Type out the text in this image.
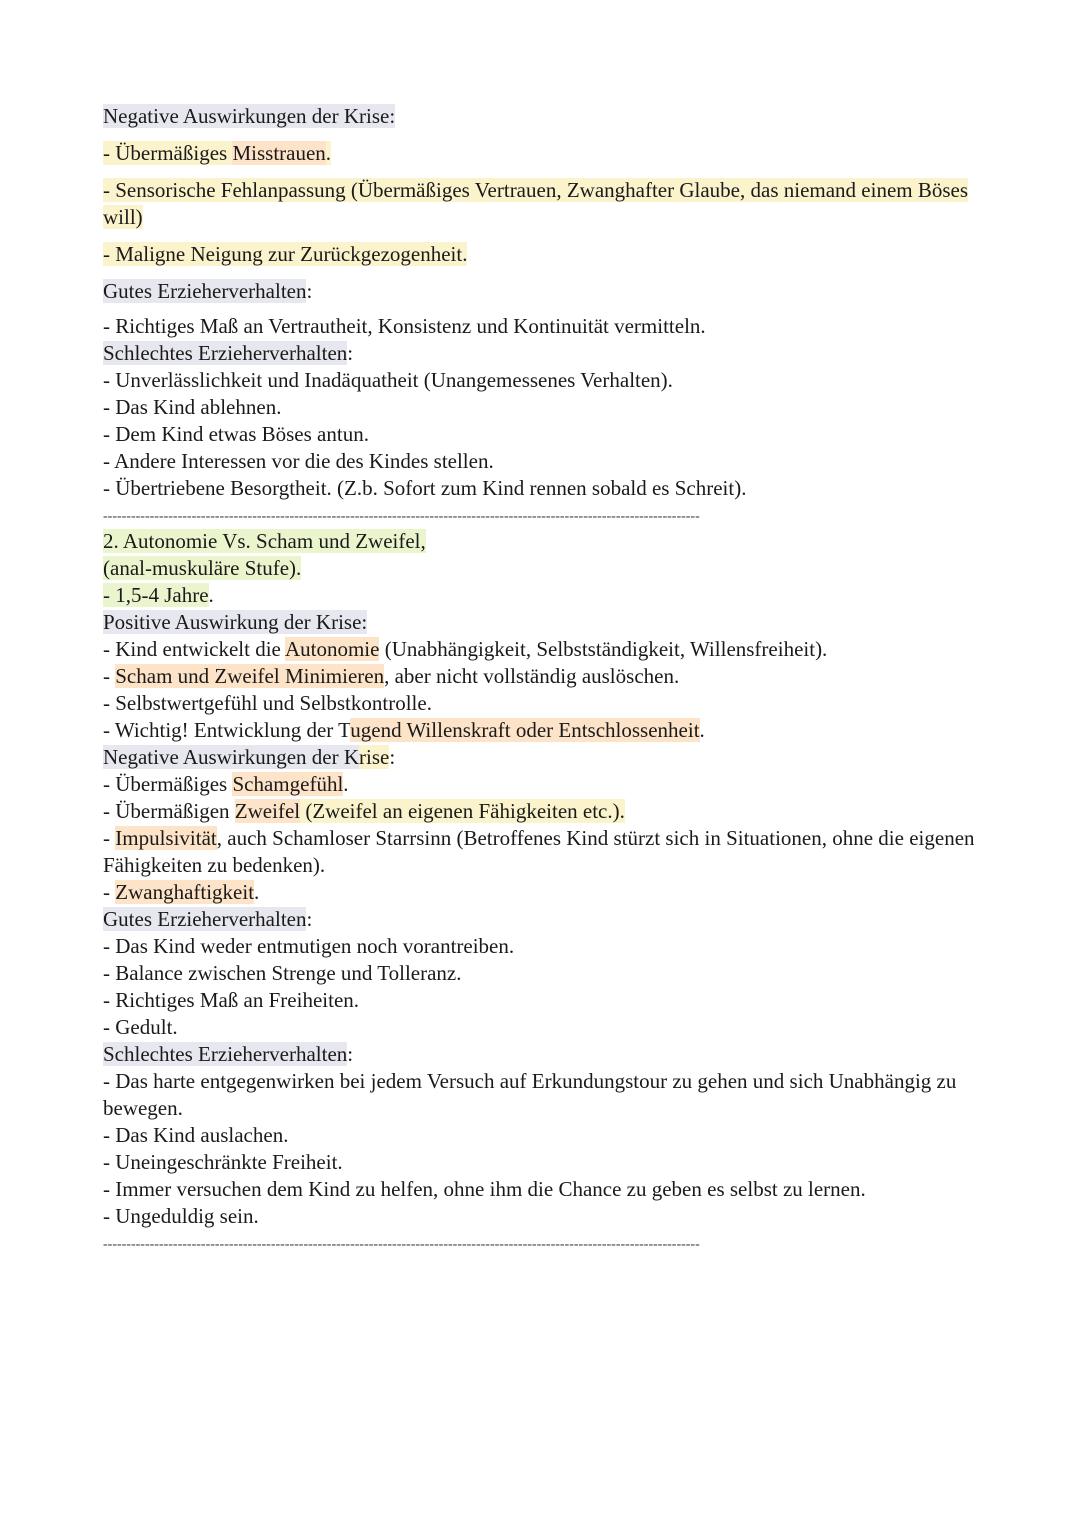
Negative Auswirkungen der Krise:
- Übermäßiges Misstrauen.
- Sensorische Fehlanpassung (Übermäßiges Vertrauen, Zwanghafter Glaube, das niemand einem Böses will)
- Maligne Neigung zur Zurückgezogenheit.
Gutes Erzieherverhalten:
- Richtiges Maß an Vertrautheit, Konsistenz und Kontinuität vermitteln.
Schlechtes Erzieherverhalten:
- Unverlässlichkeit und Inadäquatheit (Unangemessenes Verhalten).
- Das Kind ablehnen.
- Dem Kind etwas Böses antun.
- Andere Interessen vor die des Kindes stellen.
- Übertriebene Besorgtheit. (Z.b. Sofort zum Kind rennen sobald es Schreit).
--------------------------------------------------------------------------------------------------------------------------------
2. Autonomie Vs. Scham und Zweifel,
(anal-muskuläre Stufe).
- 1,5-4 Jahre.
Positive Auswirkung der Krise:
- Kind entwickelt die Autonomie (Unabhängigkeit, Selbstständigkeit, Willensfreiheit).
- Scham und Zweifel Minimieren, aber nicht vollständig auslöschen.
- Selbstwertgefühl und Selbstkontrolle.
- Wichtig! Entwicklung der Tugend Willenskraft oder Entschlossenheit.
Negative Auswirkungen der Krise:
- Übermäßiges Schamgefühl.
- Übermäßigen Zweifel (Zweifel an eigenen Fähigkeiten etc.).
- Impulsivität, auch Schamloser Starrsinn (Betroffenes Kind stürzt sich in Situationen, ohne die eigenen Fähigkeiten zu bedenken).
- Zwanghaftigkeit.
Gutes Erzieherverhalten:
- Das Kind weder entmutigen noch vorantreiben.
- Balance zwischen Strenge und Tolleranz.
- Richtiges Maß an Freiheiten.
- Gedult.
Schlechtes Erzieherverhalten:
- Das harte entgegenwirken bei jedem Versuch auf Erkundungstour zu gehen und sich Unabhängig zu bewegen.
- Das Kind auslachen.
- Uneingeschränkte Freiheit.
- Immer versuchen dem Kind zu helfen, ohne ihm die Chance zu geben es selbst zu lernen.
- Ungeduldig sein.
--------------------------------------------------------------------------------------------------------------------------------
